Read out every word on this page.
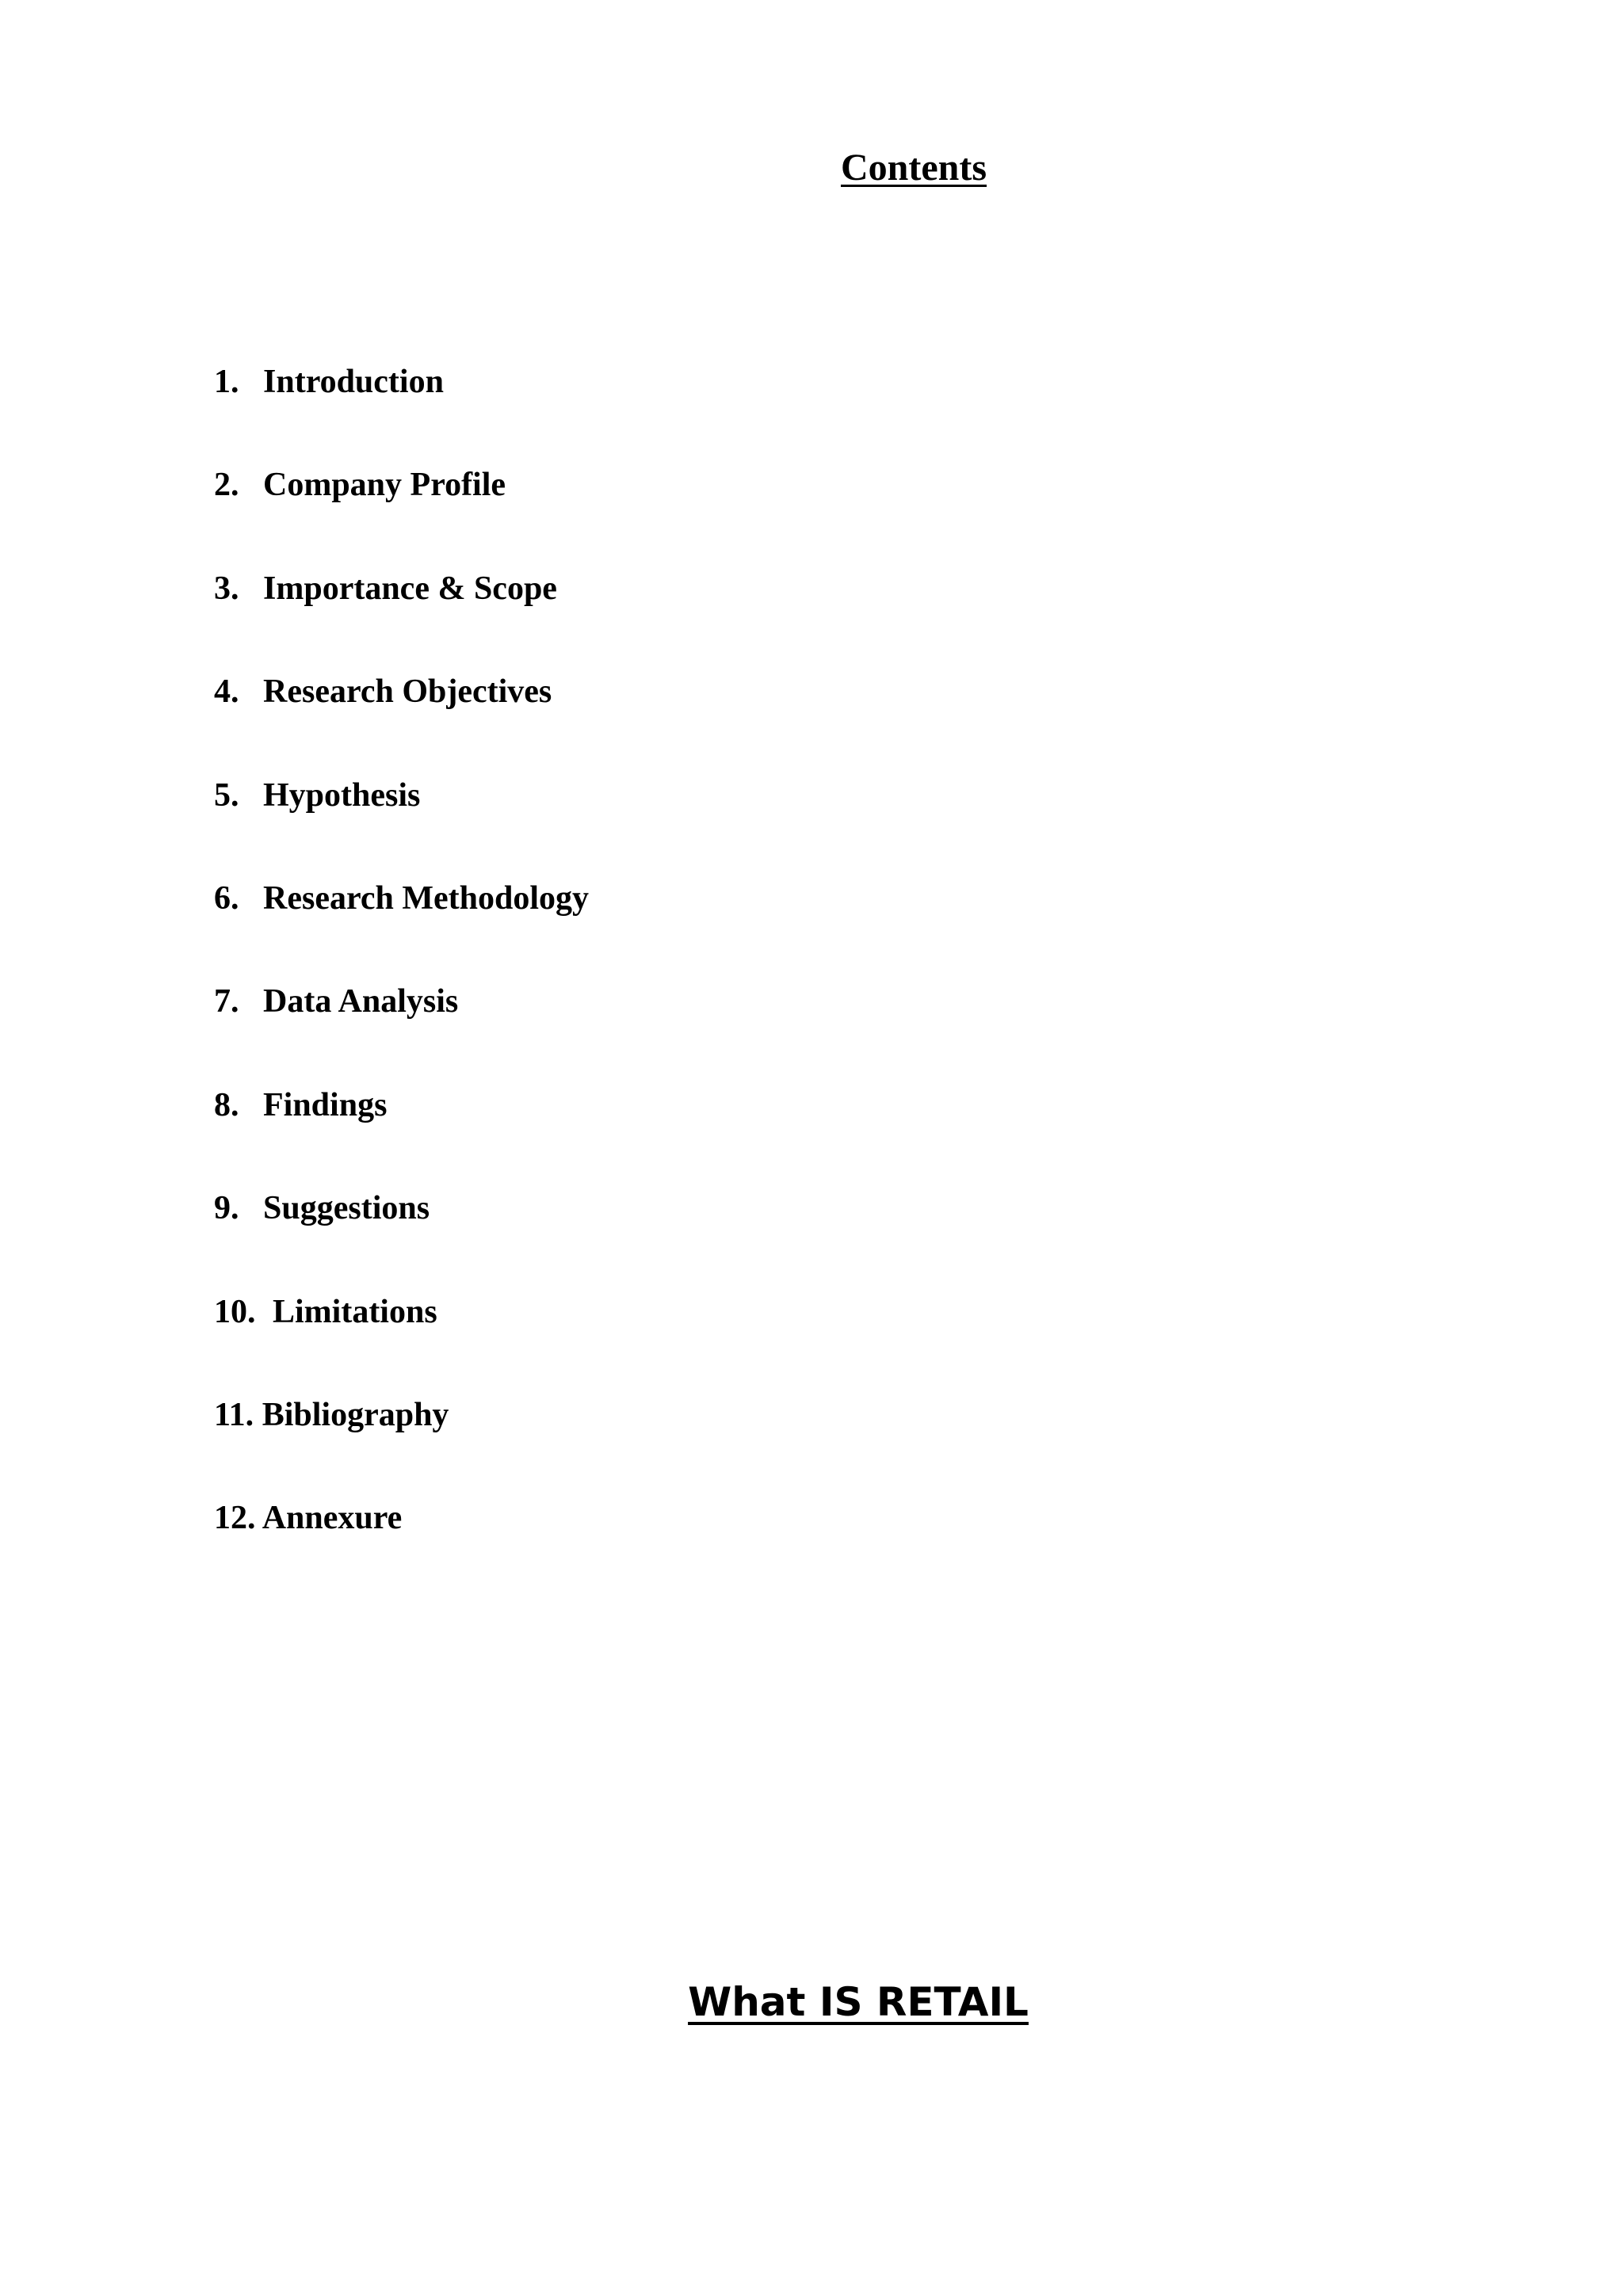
Contents
1. Introduction
2. Company Profile
3. Importance & Scope
4. Research Objectives
5. Hypothesis
6. Research Methodology
7. Data Analysis
8. Findings
9. Suggestions
10. Limitations
11. Bibliography
12. Annexure
What IS RETAIL
